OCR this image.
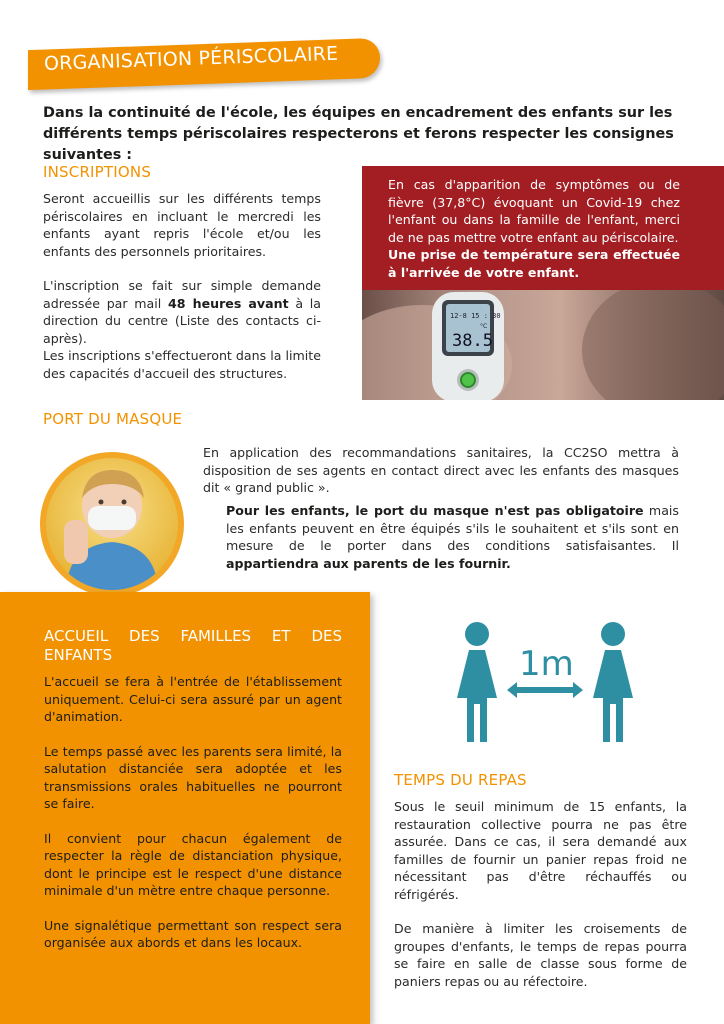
ORGANISATION PÉRISCOLAIRE
Dans la continuité de l'école, les équipes en encadrement des enfants sur les différents temps périscolaires respecterons et ferons respecter les consignes suivantes :
INSCRIPTIONS

Seront accueillis sur les différents temps périscolaires en incluant le mercredi les enfants ayant repris l'école et/ou les enfants des personnels prioritaires.

L'inscription se fait sur simple demande adressée par mail 48 heures avant à la direction du centre (Liste des contacts ci-après).

Les inscriptions s'effectueront dans la limite des capacités d'accueil des structures.

En cas d'apparition de symptômes ou de fièvre (37,8°C) évoquant un Covid-19 chez l'enfant ou dans la famille de l'enfant, merci de ne pas mettre votre enfant au périscolaire.
Une prise de température sera effectuée à l'arrivée de votre enfant.
12-8 15 : 30
38.5
°C
PORT DU MASQUE
En application des recommandations sanitaires, la CC2SO mettra à disposition de ses agents en contact direct avec les enfants des masques dit « grand public ».
Pour les enfants, le port du masque n'est pas obligatoire mais les enfants peuvent en être équipés s'ils le souhaitent et s'ils sont en mesure de le porter dans des conditions satisfaisantes. Il appartiendra aux parents de les fournir.
ACCUEIL DES FAMILLES ET DES ENFANTS

L'accueil se fera à l'entrée de l'établissement uniquement. Celui-ci sera assuré par un agent d'animation.

Le temps passé avec les parents sera limité, la salutation distanciée sera adoptée et les transmissions orales habituelles ne pourront se faire.

Il convient pour chacun également de respecter la règle de distanciation physique, dont le principe est le respect d'une distance minimale d'un mètre entre chaque personne.

Une signalétique permettant son respect sera organisée aux abords et dans les locaux.

1m
TEMPS DU REPAS

Sous le seuil minimum de 15 enfants, la restauration collective pourra ne pas être assurée. Dans ce cas, il sera demandé aux familles de fournir un panier repas froid ne nécessitant pas d'être réchauffés ou réfrigérés.

De manière à limiter les croisements de groupes d'enfants, le temps de repas pourra se faire en salle de classe sous forme de paniers repas ou au réfectoire.
